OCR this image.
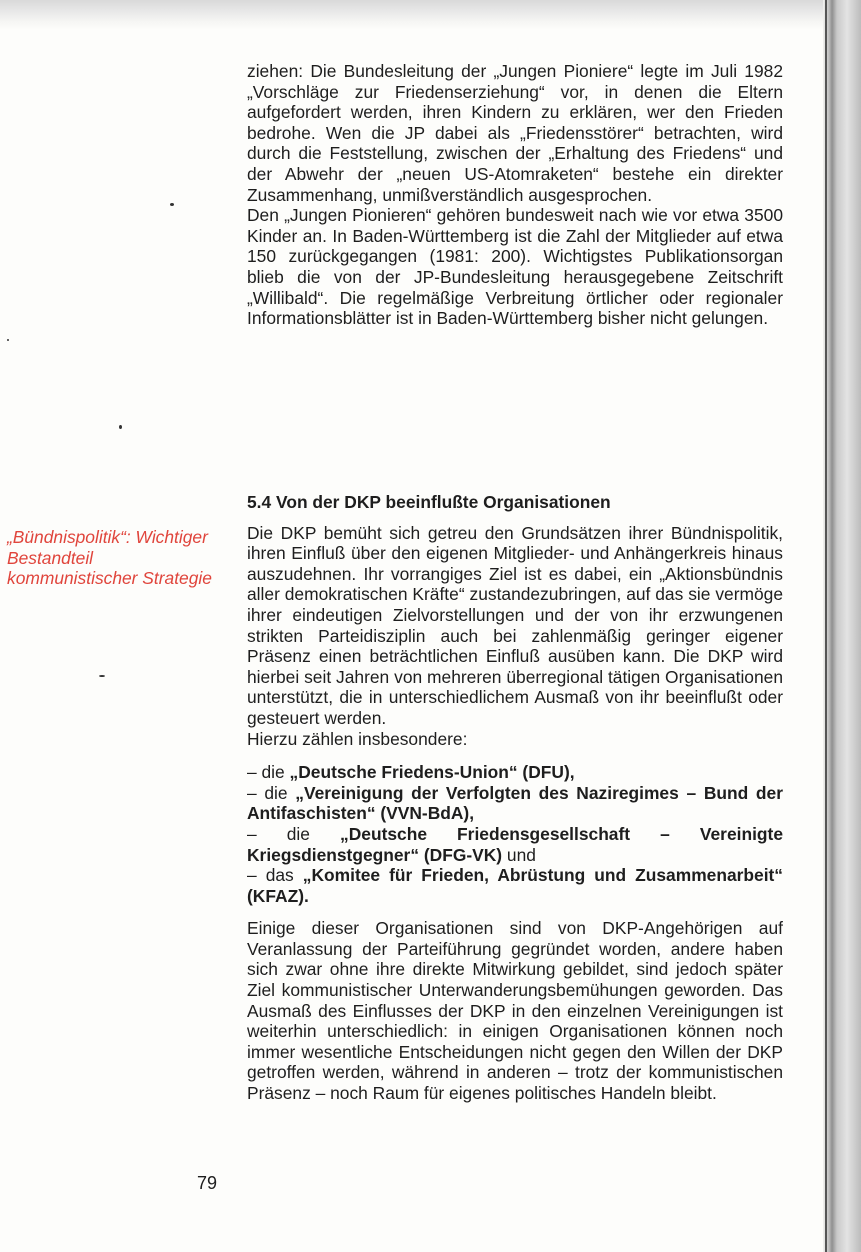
ziehen: Die Bundesleitung der „Jungen Pioniere“ legte im Juli 1982 „Vorschläge zur Friedenserziehung“ vor, in denen die Eltern aufgefordert werden, ihren Kindern zu erklären, wer den Frieden bedrohe. Wen die JP dabei als „Friedensstörer“ betrachten, wird durch die Feststellung, zwischen der „Erhaltung des Friedens“ und der Abwehr der „neuen US-Atomraketen“ bestehe ein direkter Zusammenhang, unmißverständlich ausgesprochen.

Den „Jungen Pionieren“ gehören bundesweit nach wie vor etwa 3500 Kinder an. In Baden-Württemberg ist die Zahl der Mitglieder auf etwa 150 zurückgegangen (1981: 200). Wichtigstes Publikationsorgan blieb die von der JP-Bundesleitung herausgegebene Zeitschrift „Willibald“. Die regelmäßige Verbreitung örtlicher oder regionaler Informationsblätter ist in Baden-Württemberg bisher nicht gelungen.

„Bündnispolitik“: Wichtiger Bestandteil kommunistischer Strategie
5.4 Von der DKP beeinflußte Organisationen

Die DKP bemüht sich getreu den Grundsätzen ihrer Bündnispolitik, ihren Einfluß über den eigenen Mitglieder- und Anhängerkreis hinaus auszudehnen. Ihr vorrangiges Ziel ist es dabei, ein „Aktionsbündnis aller demokratischen Kräfte“ zustandezubringen, auf das sie vermöge ihrer eindeutigen Zielvorstellungen und der von ihr erzwungenen strikten Parteidisziplin auch bei zahlenmäßig geringer eigener Präsenz einen beträchtlichen Einfluß ausüben kann. Die DKP wird hierbei seit Jahren von mehreren überregional tätigen Organisationen unterstützt, die in unterschiedlichem Ausmaß von ihr beeinflußt oder gesteuert werden.

Hierzu zählen insbesondere:

– die „Deutsche Friedens-Union“ (DFU),
– die „Vereinigung der Verfolgten des Naziregimes – Bund der Antifaschisten“ (VVN-BdA),
– die „Deutsche Friedensgesellschaft – Vereinigte Kriegsdienstgegner“ (DFG-VK) und
– das „Komitee für Frieden, Abrüstung und Zusammenarbeit“ (KFAZ).

Einige dieser Organisationen sind von DKP-Angehörigen auf Veranlassung der Parteiführung gegründet worden, andere haben sich zwar ohne ihre direkte Mitwirkung gebildet, sind jedoch später Ziel kommunistischer Unterwanderungsbemühungen geworden. Das Ausmaß des Einflusses der DKP in den einzelnen Vereinigungen ist weiterhin unterschiedlich: in einigen Organisationen können noch immer wesentliche Entscheidungen nicht gegen den Willen der DKP getroffen werden, während in anderen – trotz der kommunistischen Präsenz – noch Raum für eigenes politisches Handeln bleibt.

79
